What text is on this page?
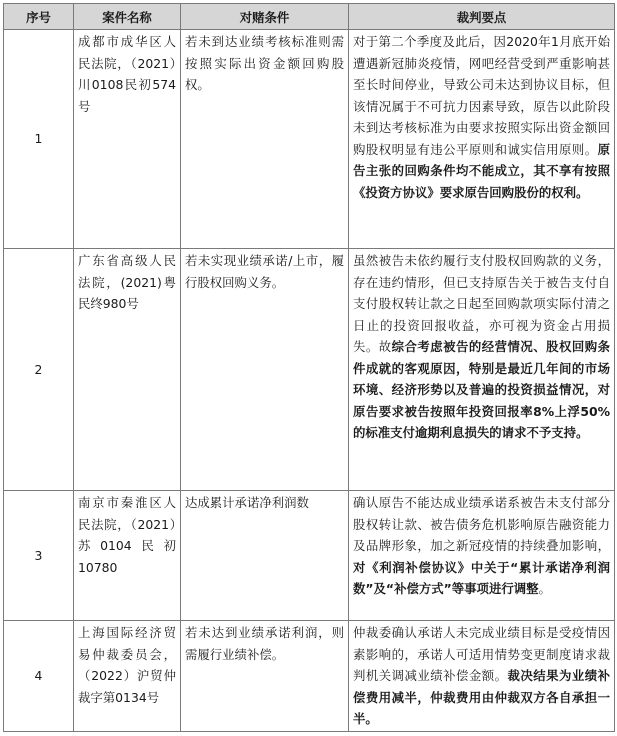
序号	案件名称	对赌条件	裁判要点
1	成都市成华区人民法院，（2021）川0108民初574号	若未到达业绩考核标准则需按照实际出资金额回购股权。	对于第二个季度及此后，因2020年1月底开始遭遇新冠肺炎疫情，网吧经营受到严重影响甚至长时间停业，导致公司未达到协议目标，但该情况属于不可抗力因素导致，原告以此阶段未到达考核标准为由要求按照实际出资金额回购股权明显有违公平原则和诚实信用原则。原告主张的回购条件均不能成立，其不享有按照《投资方协议》要求原告回购股份的权利。
2	广东省高级人民法院，(2021)粤民终980号	若未实现业绩承诺/上市，履行股权回购义务。	虽然被告未依约履行支付股权回购款的义务，存在违约情形，但已支持原告关于被告支付自支付股权转让款之日起至回购款项实际付清之日止的投资回报收益，亦可视为资金占用损失。故综合考虑被告的经营情况、股权回购条件成就的客观原因，特别是最近几年间的市场环境、经济形势以及普遍的投资损益情况，对原告要求被告按照年投资回报率8%上浮50%的标准支付逾期利息损失的请求不予支持。
3	南京市秦淮区人民法院，（2021）苏0104民初10780	达成累计承诺净利润数	确认原告不能达成业绩承诺系被告未支付部分股权转让款、被告债务危机影响原告融资能力及品牌形象，加之新冠疫情的持续叠加影响，对《利润补偿协议》中关于“累计承诺净利润数”及“补偿方式”等事项进行调整。
4	上海国际经济贸易仲裁委员会，（2022）沪贸仲裁字第0134号	若未达到业绩承诺利润，则需履行业绩补偿。	仲裁委确认承诺人未完成业绩目标是受疫情因素影响的，承诺人可适用情势变更制度请求裁判机关调减业绩补偿金额。裁决结果为业绩补偿费用减半，仲裁费用由仲裁双方各自承担一半。
